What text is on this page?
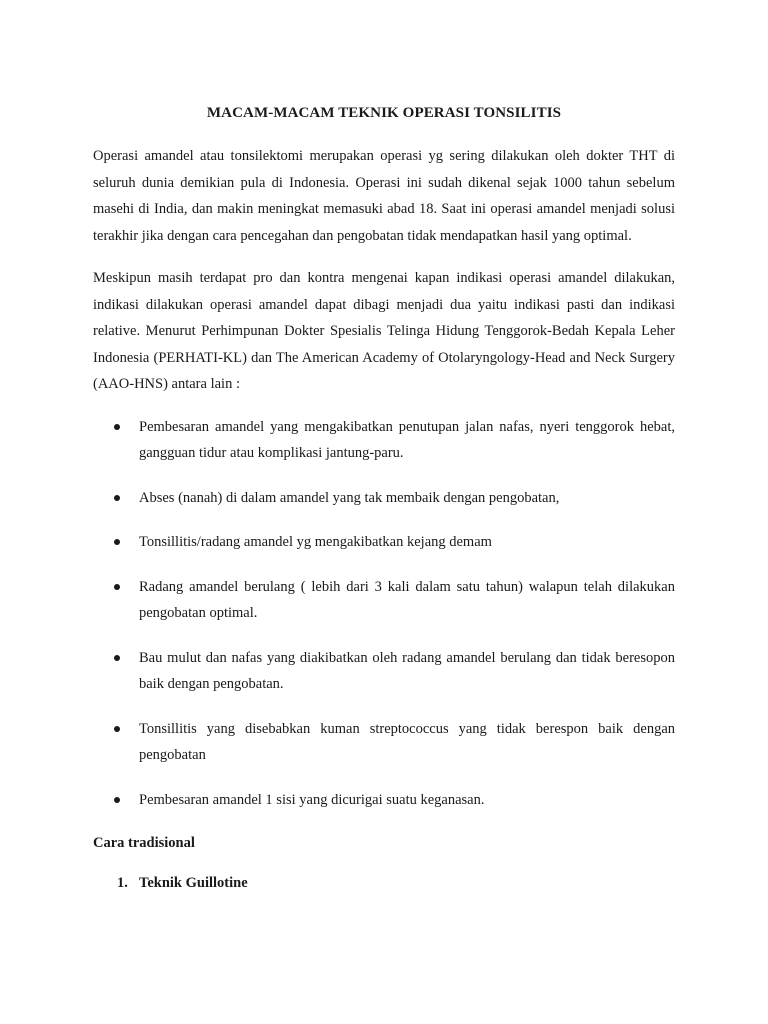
MACAM-MACAM TEKNIK OPERASI TONSILITIS

Operasi amandel atau tonsilektomi merupakan operasi yg sering dilakukan oleh dokter THT di seluruh dunia demikian pula di Indonesia. Operasi ini sudah dikenal sejak 1000 tahun sebelum masehi di India, dan makin meningkat memasuki abad 18. Saat ini operasi amandel menjadi solusi terakhir jika dengan cara pencegahan dan pengobatan tidak mendapatkan hasil yang optimal.

Meskipun masih terdapat pro dan kontra mengenai kapan indikasi operasi amandel dilakukan, indikasi dilakukan operasi amandel dapat dibagi menjadi dua yaitu indikasi pasti dan indikasi relative. Menurut Perhimpunan Dokter Spesialis Telinga Hidung Tenggorok-Bedah Kepala Leher Indonesia (PERHATI-KL) dan The American Academy of Otolaryngology-Head and Neck Surgery (AAO-HNS) antara lain :

Pembesaran amandel yang mengakibatkan penutupan jalan nafas, nyeri tenggorok hebat, gangguan tidur atau komplikasi jantung-paru.
Abses (nanah) di dalam amandel yang tak membaik dengan pengobatan,
Tonsillitis/radang amandel yg mengakibatkan kejang demam
Radang amandel berulang ( lebih dari 3 kali dalam satu tahun) walapun telah dilakukan pengobatan optimal.
Bau mulut dan nafas yang diakibatkan oleh radang amandel berulang dan tidak beresopon baik dengan pengobatan.
Tonsillitis yang disebabkan kuman streptococcus yang tidak berespon baik dengan pengobatan
Pembesaran amandel 1 sisi yang dicurigai suatu keganasan.
Cara tradisional
1. Teknik Guillotine
